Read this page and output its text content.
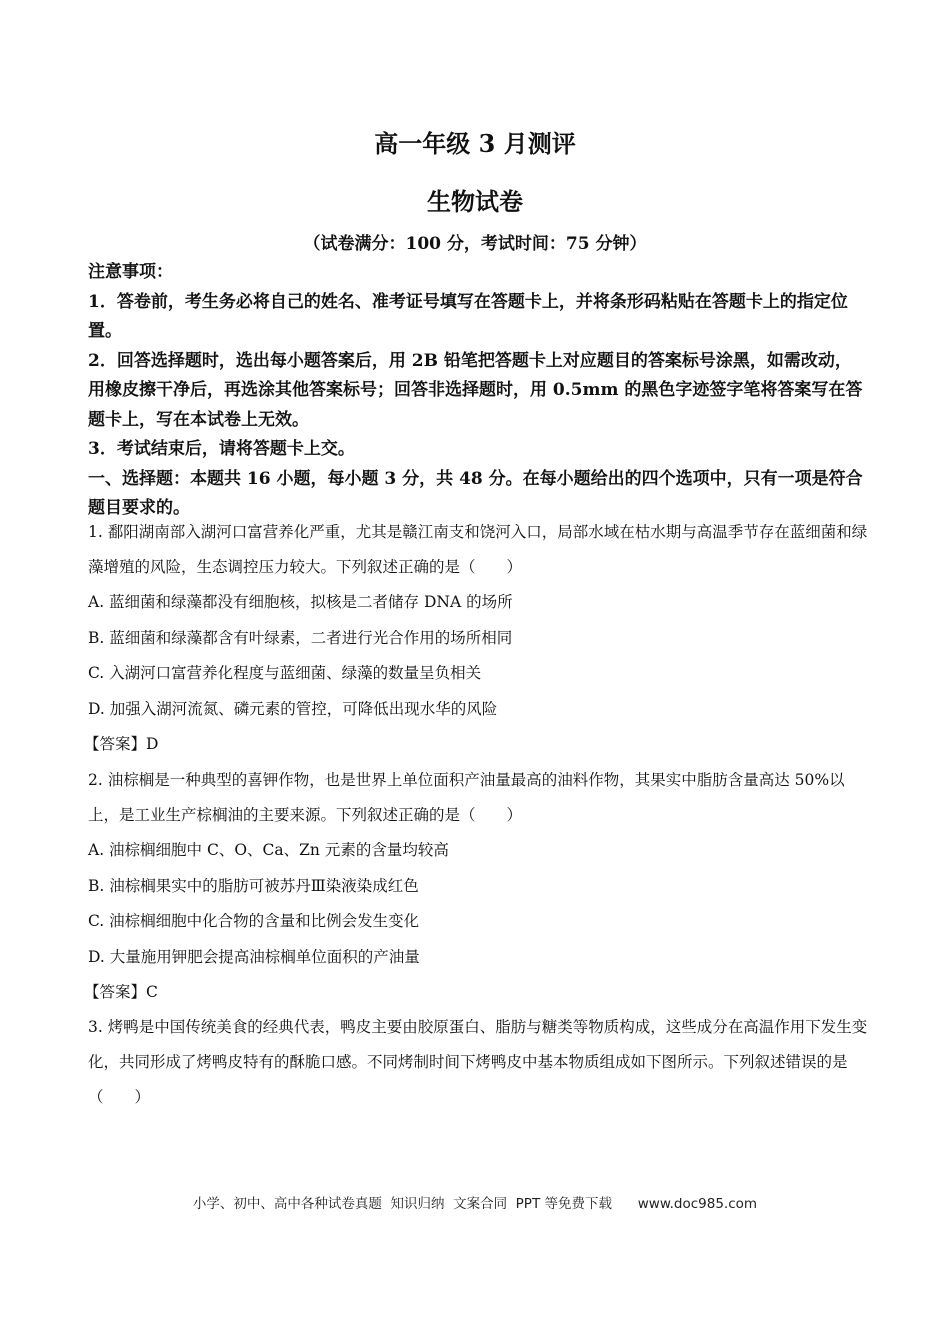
高一年级 3 月测评
生物试卷
（试卷满分：100 分，考试时间：75 分钟）

注意事项：

1．答卷前，考生务必将自己的姓名、准考证号填写在答题卡上，并将条形码粘贴在答题卡上的指定位置。

2．回答选择题时，选出每小题答案后，用 2B 铅笔把答题卡上对应题目的答案标号涂黑，如需改动，用橡皮擦干净后，再选涂其他答案标号；回答非选择题时，用 0.5mm 的黑色字迹签字笔将答案写在答题卡上，写在本试卷上无效。

3．考试结束后，请将答题卡上交。

一、选择题：本题共 16 小题，每小题 3 分，共 48 分。在每小题给出的四个选项中，只有一项是符合题目要求的。

1. 鄱阳湖南部入湖河口富营养化严重，尤其是赣江南支和饶河入口，局部水域在枯水期与高温季节存在蓝细菌和绿藻增殖的风险，生态调控压力较大。下列叙述正确的是（　　）

A. 蓝细菌和绿藻都没有细胞核，拟核是二者储存 DNA 的场所

B. 蓝细菌和绿藻都含有叶绿素，二者进行光合作用的场所相同

C. 入湖河口富营养化程度与蓝细菌、绿藻的数量呈负相关

D. 加强入湖河流氮、磷元素的管控，可降低出现水华的风险

【答案】D

2. 油棕榈是一种典型的喜钾作物，也是世界上单位面积产油量最高的油料作物，其果实中脂肪含量高达 50%以上，是工业生产棕榈油的主要来源。下列叙述正确的是（　　）

A. 油棕榈细胞中 C、O、Ca、Zn 元素的含量均较高

B. 油棕榈果实中的脂肪可被苏丹Ⅲ染液染成红色

C. 油棕榈细胞中化合物的含量和比例会发生变化

D. 大量施用钾肥会提高油棕榈单位面积的产油量

【答案】C

3. 烤鸭是中国传统美食的经典代表，鸭皮主要由胶原蛋白、脂肪与糖类等物质构成，这些成分在高温作用下发生变化，共同形成了烤鸭皮特有的酥脆口感。不同烤制时间下烤鸭皮中基本物质组成如下图所示。下列叙述错误的是（　　）

小学、初中、高中各种试卷真题  知识归纳  文案合同  PPT 等免费下载      www.doc985.com
